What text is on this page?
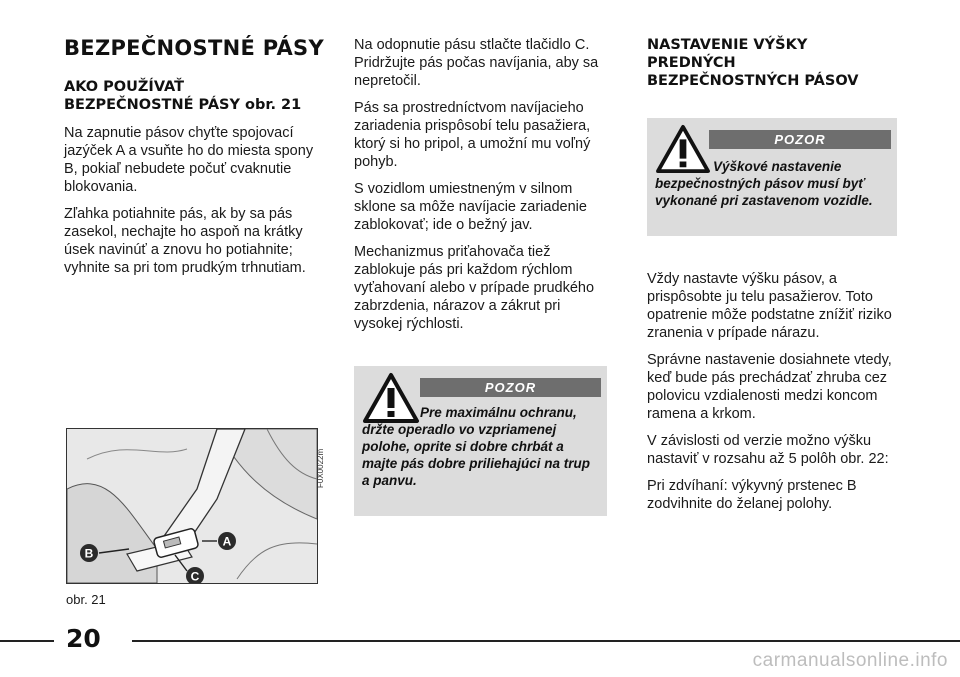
BEZPEČNOSTNÉ PÁSY
AKO POUŽÍVAŤ
BEZPEČNOSTNÉ PÁSY obr. 21

Na zapnutie pásov chyťte spojovací jazýček A a vsuňte ho do miesta spony B, pokiaľ nebudete počuť cvaknutie blokovania.

Zľahka potiahnite pás, ak by sa pás zasekol, nechajte ho aspoň na krátky úsek navinúť a znovu ho potiahnite; vyhnite sa pri tom prudkým trhnutiam.

A
B
C
F0X0022m
obr. 21

Na odopnutie pásu stlačte tlačidlo C. Pridržujte pás počas navíjania, aby sa nepretočil.

Pás sa prostredníctvom navíjacieho zariadenia prispôsobí telu pasažiera, ktorý si ho pripol, a umožní mu voľný pohyb.

S vozidlom umiestneným v silnom sklone sa môže navíjacie zariadenie zablokovať; ide o bežný jav.

Mechanizmus priťahovača tiež zablokuje pás pri každom rýchlom vyťahovaní alebo v prípade prudkého zabrzdenia, nárazov a zákrut pri vysokej rýchlosti.

POZOR
Pre maximálnu ochranu, držte operadlo vo vzpriamenej polohe, oprite si dobre chrbát a majte pás dobre priliehajúci na trup a panvu.
NASTAVENIE VÝŠKY
PREDNÝCH
BEZPEČNOSTNÝCH PÁSOV
POZOR
Výškové nastavenie bezpečnostných pásov musí byť vykonané pri zastavenom vozidle.

Vždy nastavte výšku pásov, a prispôsobte ju telu pasažierov. Toto opatrenie môže podstatne znížiť riziko zranenia v prípade nárazu.

Správne nastavenie dosiahnete vtedy, keď bude pás prechádzať zhruba cez polovicu vzdialenosti medzi koncom ramena a krkom.

V závislosti od verzie možno výšku nastaviť v rozsahu až 5 polôh obr. 22:

Pri zdvíhaní: výkyvný prstenec B zodvihnite do želanej polohy.

20
carmanualsonline.info
